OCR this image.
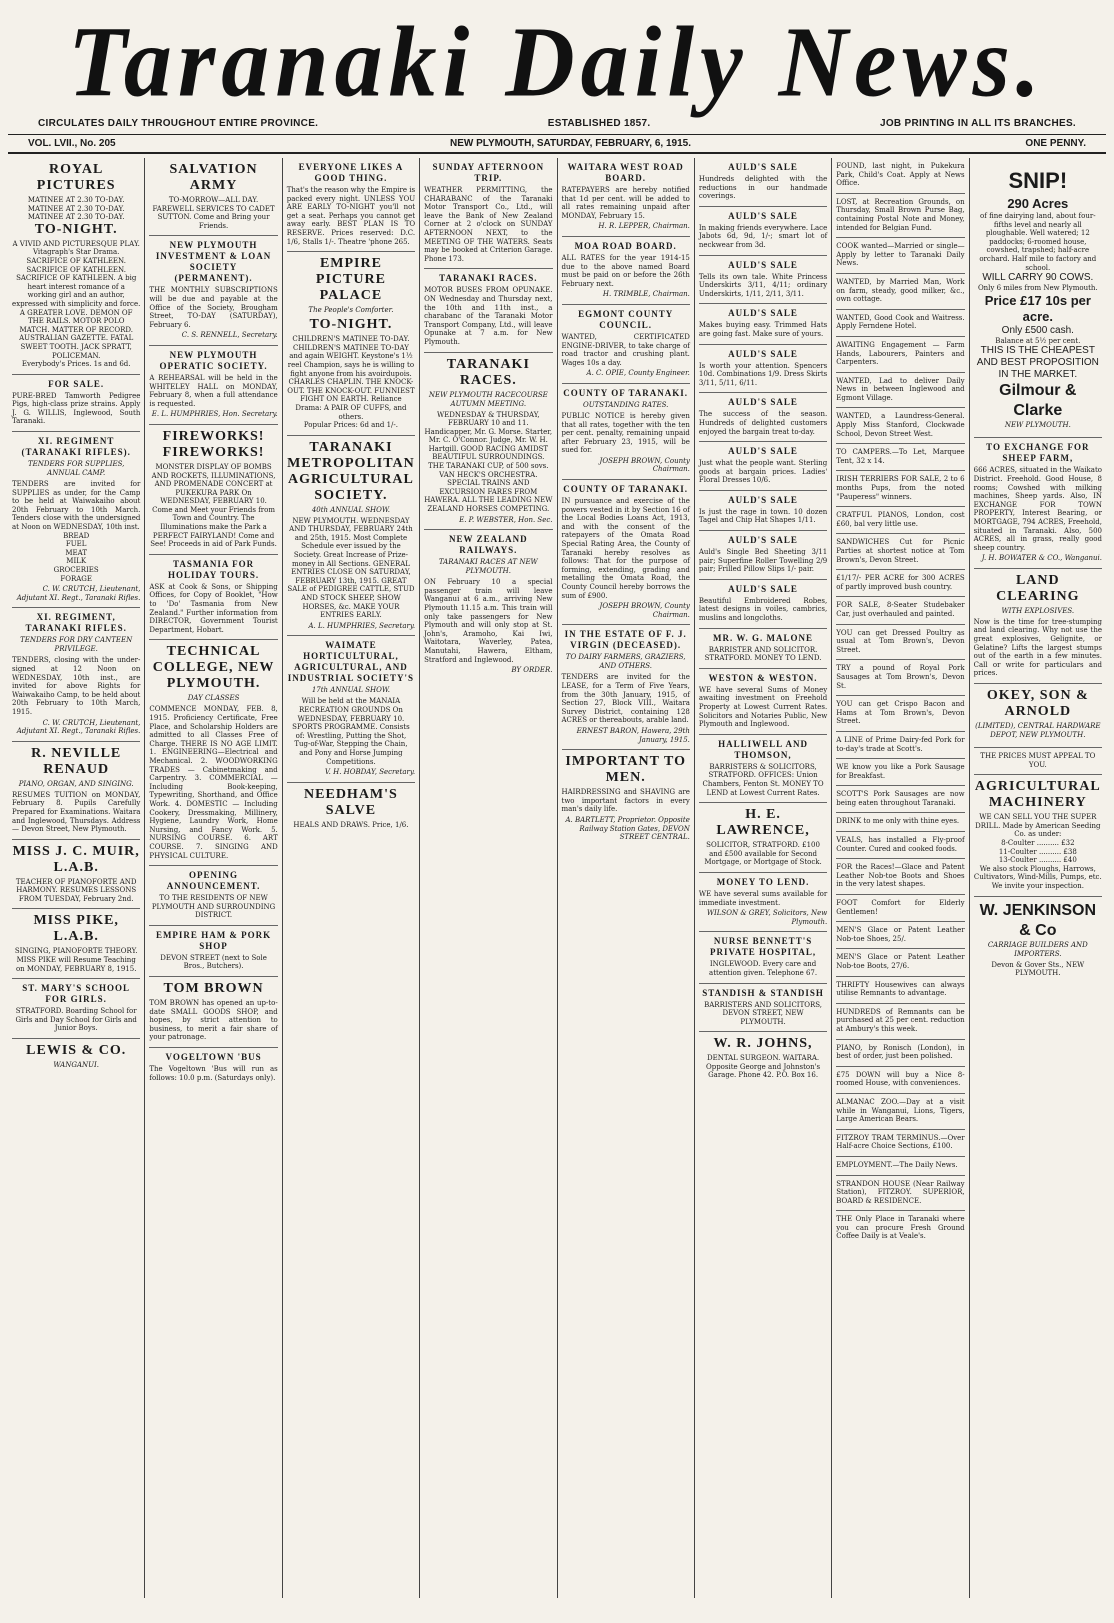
Taranaki Daily News.
CIRCULATES DAILY THROUGHOUT ENTIRE PROVINCE.	ESTABLISHED 1857.	JOB PRINTING IN ALL ITS BRANCHES.
VOL. LVII., No. 205	NEW PLYMOUTH, SATURDAY, FEBRUARY, 6, 1915.	ONE PENNY.
ROYAL PICTURES
MATINEE AT 2.30 TO-DAY.
MATINEE AT 2.30 TO-DAY.
MATINEE AT 2.30 TO-DAY.
TO-NIGHT.
A VIVID AND PICTURESQUE PLAY. Vitagraph's Star Drama. SACRIFICE OF KATHLEEN. SACRIFICE OF KATHLEEN. SACRIFICE OF KATHLEEN. A big heart interest romance of a working girl and an author, expressed with simplicity and force. A GREATER LOVE. DEMON OF THE RAILS. MOTOR POLO MATCH. MATTER OF RECORD. AUSTRALIAN GAZETTE. FATAL SWEET TOOTH. JACK SPRATT, POLICEMAN.
Everybody's Prices. 1s and 6d.
FOR SALE.
PURE-BRED Tamworth Pedigree Pigs, high-class prize strains. Apply J. G. WILLIS, Inglewood, South Taranaki.
XI. REGIMENT (TARANAKI RIFLES).
TENDERS FOR SUPPLIES, ANNUAL CAMP.
TENDERS are invited for SUPPLIES as under, for the Camp to be held at Waiwakaiho about 20th February to 10th March. Tenders close with the undersigned at Noon on WEDNESDAY, 10th inst.
BREAD
FUEL
MEAT
MILK
GROCERIES
FORAGE
C. W. CRUTCH, Lieutenant, Adjutant XI. Regt., Taranaki Rifles.
XI. REGIMENT, TARANAKI RIFLES.
TENDERS FOR DRY CANTEEN PRIVILEGE.
TENDERS, closing with the under-signed at 12 Noon on WEDNESDAY, 10th inst., are invited for above Rights for Waiwakaiho Camp, to be held about 20th February to 10th March, 1915.
C. W. CRUTCH, Lieutenant, Adjutant XI. Regt., Taranaki Rifles.
R. NEVILLE RENAUD
PIANO, ORGAN, AND SINGING.
RESUMES TUITION on MONDAY, February 8. Pupils Carefully Prepared for Examinations. Waitara and Inglewood, Thursdays. Address — Devon Street, New Plymouth.
MISS J. C. MUIR, L.A.B.
TEACHER OF PIANOFORTE AND HARMONY. RESUMES LESSONS FROM TUESDAY, February 2nd.
MISS PIKE, L.A.B.
SINGING, PIANOFORTE THEORY. MISS PIKE will Resume Teaching on MONDAY, FEBRUARY 8, 1915.
ST. MARY'S SCHOOL FOR GIRLS.
STRATFORD. Boarding School for Girls and Day School for Girls and Junior Boys.
LEWIS & CO.
WANGANUI.
SALVATION ARMY
TO-MORROW—ALL DAY. FAREWELL SERVICES TO CADET SUTTON. Come and Bring your Friends.
NEW PLYMOUTH INVESTMENT & LOAN SOCIETY (PERMANENT).
THE MONTHLY SUBSCRIPTIONS will be due and payable at the Office of the Society, Brougham Street, TO-DAY (SATURDAY), February 6.
C. S. RENNELL, Secretary.
NEW PLYMOUTH OPERATIC SOCIETY.
A REHEARSAL will be held in the WHITELEY HALL on MONDAY, February 8, when a full attendance is requested.
E. L. HUMPHRIES, Hon. Secretary.
FIREWORKS! FIREWORKS!
MONSTER DISPLAY OF BOMBS AND ROCKETS, ILLUMINATIONS, AND PROMENADE CONCERT at PUKEKURA PARK On WEDNESDAY, FEBRUARY 10. Come and Meet your Friends from Town and Country. The Illuminations make the Park a PERFECT FAIRYLAND! Come and See! Proceeds in aid of Park Funds.
TASMANIA FOR HOLIDAY TOURS.
ASK at Cook & Sons, or Shipping Offices, for Copy of Booklet, "How to 'Do' Tasmania from New Zealand." Further information from DIRECTOR, Government Tourist Department, Hobart.
TECHNICAL COLLEGE, NEW PLYMOUTH.
DAY CLASSES
COMMENCE MONDAY, FEB. 8, 1915. Proficiency Certificate, Free Place, and Scholarship Holders are admitted to all Classes Free of Charge. THERE IS NO AGE LIMIT. 1. ENGINEERING—Electrical and Mechanical. 2. WOODWORKING TRADES — Cabinetmaking and Carpentry. 3. COMMERCIAL — Including Book-keeping, Typewriting, Shorthand, and Office Work. 4. DOMESTIC — Including Cookery, Dressmaking, Millinery, Hygiene, Laundry Work, Home Nursing, and Fancy Work. 5. NURSING COURSE. 6. ART COURSE. 7. SINGING AND PHYSICAL CULTURE.
OPENING ANNOUNCEMENT.
TO THE RESIDENTS OF NEW PLYMOUTH AND SURROUNDING DISTRICT.
EMPIRE HAM & PORK SHOP
DEVON STREET (next to Sole Bros., Butchers).
TOM BROWN
TOM BROWN has opened an up-to-date SMALL GOODS SHOP, and hopes, by strict attention to business, to merit a fair share of your patronage.
VOGELTOWN 'BUS
The Vogeltown 'Bus will run as follows: 10.0 p.m. (Saturdays only).
EVERYONE LIKES A GOOD THING.
That's the reason why the Empire is packed every night. UNLESS YOU ARE EARLY TO-NIGHT you'll not get a seat. Perhaps you cannot get away early. BEST PLAN IS TO RESERVE. Prices reserved: D.C. 1/6, Stalls 1/-. Theatre 'phone 265.
EMPIRE PICTURE PALACE
The People's Comforter.
TO-NIGHT.
CHILDREN'S MATINEE TO-DAY. CHILDREN'S MATINEE TO-DAY and again WEIGHT. Keystone's 1½ reel Champion, says he is willing to fight anyone from his avoirdupois. CHARLES CHAPLIN. THE KNOCK-OUT. THE KNOCK-OUT. FUNNIEST FIGHT ON EARTH. Reliance Drama: A PAIR OF CUFFS, and others.
Popular Prices: 6d and 1/-.
TARANAKI METROPOLITAN AGRICULTURAL SOCIETY.
40th ANNUAL SHOW.
NEW PLYMOUTH. WEDNESDAY AND THURSDAY, FEBRUARY 24th and 25th, 1915. Most Complete Schedule ever issued by the Society. Great Increase of Prize-money in All Sections. GENERAL ENTRIES CLOSE ON SATURDAY, FEBRUARY 13th, 1915. GREAT SALE of PEDIGREE CATTLE, STUD AND STOCK SHEEP, SHOW HORSES, &c. MAKE YOUR ENTRIES EARLY.
A. L. HUMPHRIES, Secretary.
WAIMATE HORTICULTURAL, AGRICULTURAL, AND INDUSTRIAL SOCIETY'S
17th ANNUAL SHOW.
Will be held at the MANAIA RECREATION GROUNDS On WEDNESDAY, FEBRUARY 10. SPORTS PROGRAMME. Consists of: Wrestling, Putting the Shot, Tug-of-War, Stepping the Chain, and Pony and Horse Jumping Competitions.
V. H. HOBDAY, Secretary.
NEEDHAM'S SALVE
HEALS AND DRAWS. Price, 1/6.
SUNDAY AFTERNOON TRIP.
WEATHER PERMITTING, the CHARABANC of the Taranaki Motor Transport Co., Ltd., will leave the Bank of New Zealand Corner at 2 o'clock on SUNDAY AFTERNOON NEXT, to the MEETING OF THE WATERS. Seats may be booked at Criterion Garage. Phone 173.
TARANAKI RACES.
MOTOR BUSES FROM OPUNAKE. ON Wednesday and Thursday next, the 10th and 11th inst., a charabanc of the Taranaki Motor Transport Company, Ltd., will leave Opunake at 7 a.m. for New Plymouth.
TARANAKI RACES.
NEW PLYMOUTH RACECOURSE AUTUMN MEETING.
WEDNESDAY & THURSDAY, FEBRUARY 10 and 11. Handicapper, Mr. G. Morse. Starter, Mr. C. O'Connor. Judge, Mr. W. H. Hartgill. GOOD RACING AMIDST BEAUTIFUL SURROUNDINGS. THE TARANAKI CUP, of 500 sovs. VAN HECK'S ORCHESTRA. SPECIAL TRAINS AND EXCURSION FARES FROM HAWERA. ALL THE LEADING NEW ZEALAND HORSES COMPETING.
E. P. WEBSTER, Hon. Sec.
NEW ZEALAND RAILWAYS.
TARANAKI RACES AT NEW PLYMOUTH.
ON February 10 a special passenger train will leave Wanganui at 6 a.m., arriving New Plymouth 11.15 a.m. This train will only take passengers for New Plymouth and will only stop at St. John's, Aramoho, Kai Iwi, Waitotara, Waverley, Patea, Manutahi, Hawera, Eltham, Stratford and Inglewood.
BY ORDER.
WAITARA WEST ROAD BOARD.
RATEPAYERS are hereby notified that 1d per cent. will be added to all rates remaining unpaid after MONDAY, February 15.
H. R. LEPPER, Chairman.
MOA ROAD BOARD.
ALL RATES for the year 1914-15 due to the above named Board must be paid on or before the 26th February next.
H. TRIMBLE, Chairman.
EGMONT COUNTY COUNCIL.
WANTED, CERTIFICATED ENGINE-DRIVER, to take charge of road tractor and crushing plant. Wages 10s a day.
A. C. OPIE, County Engineer.
COUNTY OF TARANAKI.
OUTSTANDING RATES.
PUBLIC NOTICE is hereby given that all rates, together with the ten per cent. penalty, remaining unpaid after February 23, 1915, will be sued for.
JOSEPH BROWN, County Chairman.
COUNTY OF TARANAKI.
IN pursuance and exercise of the powers vested in it by Section 16 of the Local Bodies Loans Act, 1913, and with the consent of the ratepayers of the Omata Road Special Rating Area, the County of Taranaki hereby resolves as follows: That for the purpose of forming, extending, grading and metalling the Omata Road, the County Council hereby borrows the sum of £900.
JOSEPH BROWN, County Chairman.
IN THE ESTATE OF F. J. VIRGIN (DECEASED).
TO DAIRY FARMERS, GRAZIERS, AND OTHERS.
TENDERS are invited for the LEASE, for a Term of Five Years, from the 30th January, 1915, of Section 27, Block VIII., Waitara Survey District, containing 128 ACRES or thereabouts, arable land.
ERNEST BARON, Hawera, 29th January, 1915.
IMPORTANT TO MEN.
HAIRDRESSING and SHAVING are two important factors in every man's daily life.
A. BARTLETT, Proprietor. Opposite Railway Station Gates, DEVON STREET CENTRAL.
AULD'S SALE
Hundreds delighted with the reductions in our handmade coverings.
AULD'S SALE
In making friends everywhere. Lace Jabots 6d, 9d, 1/-; smart lot of neckwear from 3d.
AULD'S SALE
Tells its own tale. White Princess Underskirts 3/11, 4/11; ordinary Underskirts, 1/11, 2/11, 3/11.
AULD'S SALE
Makes buying easy. Trimmed Hats are going fast. Make sure of yours.
AULD'S SALE
Is worth your attention. Spencers 10d. Combinations 1/9. Dress Skirts 3/11, 5/11, 6/11.
AULD'S SALE
The success of the season. Hundreds of delighted customers enjoyed the bargain treat to-day.
AULD'S SALE
Just what the people want. Sterling goods at bargain prices. Ladies' Floral Dresses 10/6.
AULD'S SALE
Is just the rage in town. 10 dozen Tagel and Chip Hat Shapes 1/11.
AULD'S SALE
Auld's Single Bed Sheeting 3/11 pair; Superfine Roller Towelling 2/9 pair; Frilled Pillow Slips 1/- pair.
AULD'S SALE
Beautiful Embroidered Robes, latest designs in voiles, cambrics, muslins and longcloths.
MR. W. G. MALONE
BARRISTER AND SOLICITOR. STRATFORD. MONEY TO LEND.
WESTON & WESTON.
WE have several Sums of Money awaiting investment on Freehold Property at Lowest Current Rates. Solicitors and Notaries Public, New Plymouth and Inglewood.
HALLIWELL AND THOMSON,
BARRISTERS & SOLICITORS, STRATFORD. OFFICES: Union Chambers, Fenton St. MONEY TO LEND at Lowest Current Rates.
H. E. LAWRENCE,
SOLICITOR, STRATFORD. £100 and £500 available for Second Mortgage, or Mortgage of Stock.
MONEY TO LEND.
WE have several sums available for immediate investment.
WILSON & GREY, Solicitors, New Plymouth.
NURSE BENNETT'S PRIVATE HOSPITAL,
INGLEWOOD. Every care and attention given. Telephone 67.
STANDISH & STANDISH
BARRISTERS AND SOLICITORS, DEVON STREET, NEW PLYMOUTH.
W. R. JOHNS,
DENTAL SURGEON. WAITARA. Opposite George and Johnston's Garage. Phone 42. P.O. Box 16.
FOUND, last night, in Pukekura Park, Child's Coat. Apply at News Office.
LOST, at Recreation Grounds, on Thursday, Small Brown Purse Bag, containing Postal Note and Money, intended for Belgian Fund.
COOK wanted—Married or single—Apply by letter to Taranaki Daily News.
WANTED, by Married Man, Work on farm, steady, good milker, &c., own cottage.
WANTED, Good Cook and Waitress. Apply Ferndene Hotel.
AWAITING Engagement — Farm Hands, Labourers, Painters and Carpenters.
WANTED, Lad to deliver Daily News in between Inglewood and Egmont Village.
WANTED, a Laundress-General. Apply Miss Stanford, Clockwade School, Devon Street West.
TO CAMPERS.—To Let, Marquee Tent, 32 x 14.
IRISH TERRIERS FOR SALE, 2 to 6 months Pups, from the noted "Pauperess" winners.
CRATFUL PIANOS, London, cost £60, bal very little use.
SANDWICHES Cut for Picnic Parties at shortest notice at Tom Brown's, Devon Street.
£1/17/- PER ACRE for 300 ACRES of partly improved bush country.
FOR SALE, 8-Seater Studebaker Car, just overhauled and painted.
YOU can get Dressed Poultry as usual at Tom Brown's, Devon Street.
TRY a pound of Royal Pork Sausages at Tom Brown's, Devon St.
YOU can get Crispo Bacon and Hams at Tom Brown's, Devon Street.
A LINE of Prime Dairy-fed Pork for to-day's trade at Scott's.
WE know you like a Pork Sausage for Breakfast.
SCOTT'S Pork Sausages are now being eaten throughout Taranaki.
DRINK to me only with thine eyes.
VEALS, has installed a Fly-proof Counter. Cured and cooked foods.
FOR the Races!—Glace and Patent Leather Nob-toe Boots and Shoes in the very latest shapes.
FOOT Comfort for Elderly Gentlemen!
MEN'S Glace or Patent Leather Nob-toe Shoes, 25/.
MEN'S Glace or Patent Leather Nob-toe Boots, 27/6.
THRIFTY Housewives can always utilise Remnants to advantage.
HUNDREDS of Remnants can be purchased at 25 per cent. reduction at Ambury's this week.
PIANO, by Ronisch (London), in best of order, just been polished.
£75 DOWN will buy a Nice 8-roomed House, with conveniences.
ALMANAC ZOO.—Day at a visit while in Wanganui, Lions, Tigers, Large American Bears.
FITZROY TRAM TERMINUS.—Over Half-acre Choice Sections, £100.
EMPLOYMENT.—The Daily News.
STRANDON HOUSE (Near Railway Station), FITZROY. SUPERIOR, BOARD & RESIDENCE.
THE Only Place in Taranaki where you can procure Fresh Ground Coffee Daily is at Veale's.
SNIP!
290 Acres
of fine dairying land, about four-fifths level and nearly all ploughable. Well watered; 12 paddocks; 6-roomed house, cowshed, trapshed; half-acre orchard. Half mile to factory and school.
WILL CARRY 90 COWS.
Only 6 miles from New Plymouth.
Price £17 10s per acre.
Only £500 cash.
Balance at 5½ per cent.
THIS IS THE CHEAPEST AND BEST PROPOSITION IN THE MARKET.
Gilmour & Clarke
NEW PLYMOUTH.
TO EXCHANGE FOR SHEEP FARM,
666 ACRES, situated in the Waikato District. Freehold. Good House, 8 rooms; Cowshed with milking machines, Sheep yards. Also, IN EXCHANGE FOR TOWN PROPERTY, Interest Bearing, or MORTGAGE, 794 ACRES, Freehold, situated in Taranaki. Also, 500 ACRES, all in grass, really good sheep country.
J. H. BOWATER & CO., Wanganui.
LAND CLEARING
WITH EXPLOSIVES.
Now is the time for tree-stumping and land clearing. Why not use the great explosives, Gelignite, or Gelatine? Lifts the largest stumps out of the earth in a few minutes. Call or write for particulars and prices.
OKEY, SON & ARNOLD
(LIMITED), CENTRAL HARDWARE DEPOT, NEW PLYMOUTH.
THE PRICES MUST APPEAL TO YOU.
AGRICULTURAL MACHINERY
WE CAN SELL YOU THE SUPER DRILL. Made by American Seeding Co. as under:
8-Coulter .......... £32
11-Coulter .......... £38
13-Coulter .......... £40
We also stock Ploughs, Harrows, Cultivators, Wind-Mills, Pumps, etc. We invite your inspection.
W. JENKINSON & Co
CARRIAGE BUILDERS AND IMPORTERS.
Devon & Gover Sts., NEW PLYMOUTH.
